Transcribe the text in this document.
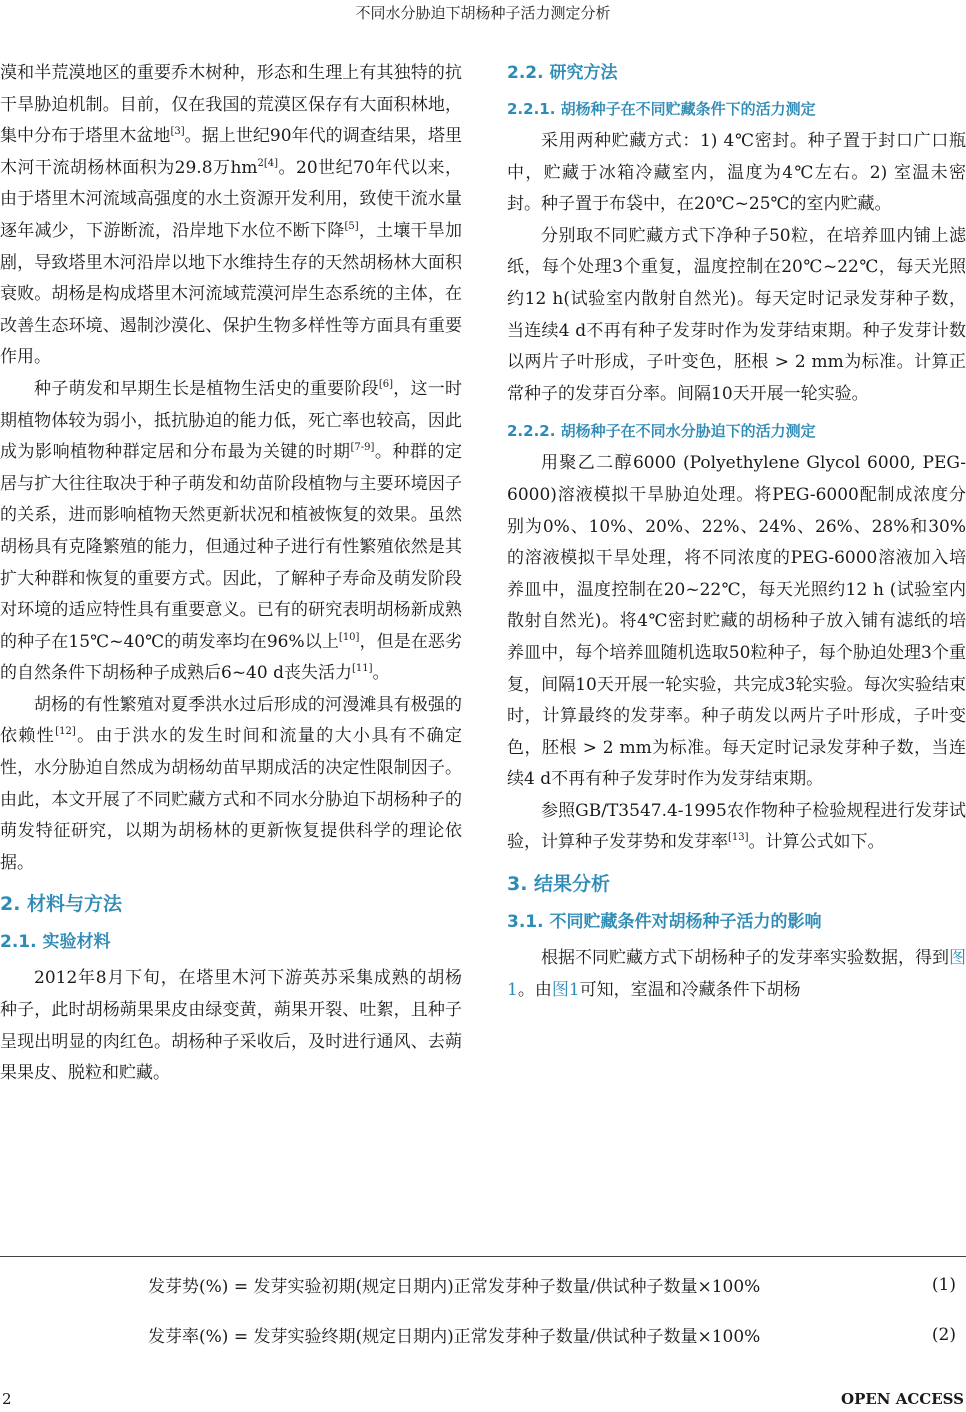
不同水分胁迫下胡杨种子活力测定分析

漠和半荒漠地区的重要乔木树种，形态和生理上有其独特的抗干旱胁迫机制。目前，仅在我国的荒漠区保存有大面积林地，集中分布于塔里木盆地[3]。据上世纪90年代的调查结果，塔里木河干流胡杨林面积为29.8万$hm^{2[4]}$。20世纪70年代以来，由于塔里木河流域高强度的水土资源开发利用，致使干流水量逐年减少，下游断流，沿岸地下水位不断下降[5]，土壤干旱加剧，导致塔里木河沿岸以地下水维持生存的天然胡杨林大面积衰败。胡杨是构成塔里木河流域荒漠河岸生态系统的主体，在改善生态环境、遏制沙漠化、保护生物多样性等方面具有重要作用。

种子萌发和早期生长是植物生活史的重要阶段[6]，这一时期植物体较为弱小，抵抗胁迫的能力低，死亡率也较高，因此成为影响植物种群定居和分布最为关键的时期[7-9]。种群的定居与扩大往往取决于种子萌发和幼苗阶段植物与主要环境因子的关系，进而影响植物天然更新状况和植被恢复的效果。虽然胡杨具有克隆繁殖的能力，但通过种子进行有性繁殖依然是其扩大种群和恢复的重要方式。因此，了解种子寿命及萌发阶段对环境的适应特性具有重要意义。已有的研究表明胡杨新成熟的种子在15℃~40℃的萌发率均在96%以上[10]，但是在恶劣的自然条件下胡杨种子成熟后6~40 d丧失活力[11]。

胡杨的有性繁殖对夏季洪水过后形成的河漫滩具有极强的依赖性[12]。由于洪水的发生时间和流量的大小具有不确定性，水分胁迫自然成为胡杨幼苗早期成活的决定性限制因子。由此，本文开展了不同贮藏方式和不同水分胁迫下胡杨种子的萌发特征研究，以期为胡杨林的更新恢复提供科学的理论依据。

2. 材料与方法
2.1. 实验材料

2012年8月下旬，在塔里木河下游英苏采集成熟的胡杨种子，此时胡杨蒴果果皮由绿变黄，蒴果开裂、吐絮，且种子呈现出明显的肉红色。胡杨种子采收后，及时进行通风、去蒴果果皮、脱粒和贮藏。

2.2. 研究方法
2.2.1. 胡杨种子在不同贮藏条件下的活力测定

采用两种贮藏方式：1) 4℃密封。种子置于封口广口瓶中，贮藏于冰箱冷藏室内，温度为4℃左右。2) 室温未密封。种子置于布袋中，在20℃~25℃的室内贮藏。

分别取不同贮藏方式下净种子50粒，在培养皿内铺上滤纸，每个处理3个重复，温度控制在20℃~22℃，每天光照约12 h(试验室内散射自然光)。每天定时记录发芽种子数，当连续4 d不再有种子发芽时作为发芽结束期。种子发芽计数以两片子叶形成，子叶变色，胚根 > 2 mm为标准。计算正常种子的发芽百分率。间隔10天开展一轮实验。

2.2.2. 胡杨种子在不同水分胁迫下的活力测定

用聚乙二醇6000 (Polyethylene Glycol 6000, PEG-6000)溶液模拟干旱胁迫处理。将PEG-6000配制成浓度分别为0%、10%、20%、22%、24%、26%、28%和30%的溶液模拟干旱处理，将不同浓度的PEG-6000溶液加入培养皿中，温度控制在20~22℃，每天光照约12 h (试验室内散射自然光)。将4℃密封贮藏的胡杨种子放入铺有滤纸的培养皿中，每个培养皿随机选取50粒种子，每个胁迫处理3个重复，间隔10天开展一轮实验，共完成3轮实验。每次实验结束时，计算最终的发芽率。种子萌发以两片子叶形成，子叶变色，胚根 > 2 mm为标准。每天定时记录发芽种子数，当连续4 d不再有种子发芽时作为发芽结束期。

参照GB/T3547.4-1995农作物种子检验规程进行发芽试验，计算种子发芽势和发芽率[13]。计算公式如下。

3. 结果分析
3.1. 不同贮藏条件对胡杨种子活力的影响

根据不同贮藏方式下胡杨种子的发芽率实验数据，得到图1。由图1可知，室温和冷藏条件下胡杨

发芽势(%) = 发芽实验初期(规定日期内)正常发芽种子数量/供试种子数量×100%	(1)
发芽率(%) = 发芽实验终期(规定日期内)正常发芽种子数量/供试种子数量×100%	(2)
2	OPEN ACCESS
